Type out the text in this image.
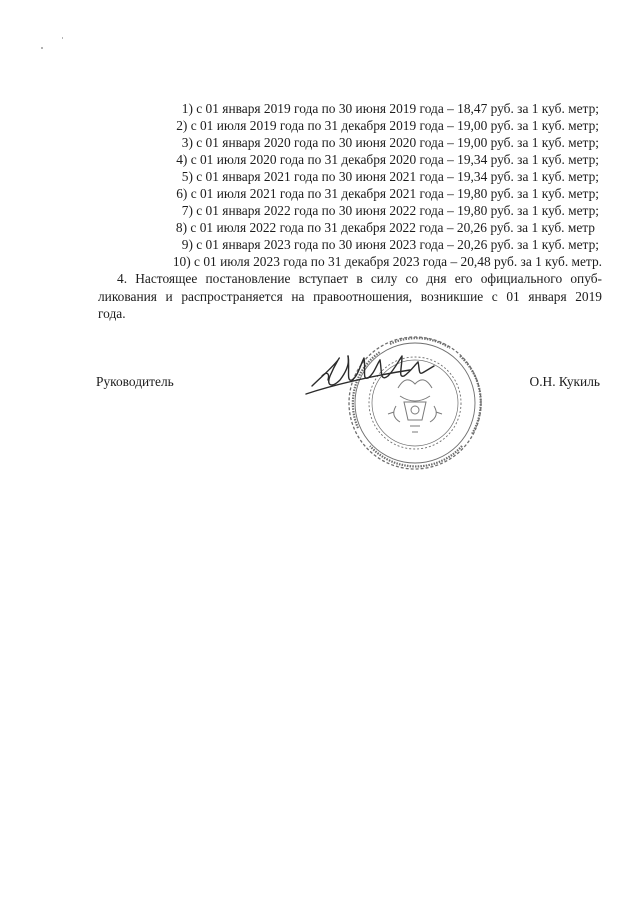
1) с 01 января 2019 года по 30 июня 2019 года – 18,47 руб. за 1 куб. метр;
2) с 01 июля 2019 года по 31 декабря 2019 года – 19,00 руб. за 1 куб. метр;
3) с 01 января 2020 года по 30 июня 2020 года – 19,00 руб. за 1 куб. метр;
4) с 01 июля 2020 года по 31 декабря 2020 года – 19,34 руб. за 1 куб. метр;
5) с 01 января 2021 года по 30 июня 2021 года – 19,34 руб. за 1 куб. метр;
6) с 01 июля 2021 года по 31 декабря 2021 года – 19,80 руб. за 1 куб. метр;
7) с 01 января 2022 года по 30 июня 2022 года – 19,80 руб. за 1 куб. метр;
8) с 01 июля 2022 года по 31 декабря 2022 года – 20,26 руб. за 1 куб. метр
9) с 01 января 2023 года по 30 июня 2023 года – 20,26 руб. за 1 куб. метр;
10) с 01 июля 2023 года по 31 декабря 2023 года – 20,48 руб. за 1 куб. метр.
4. Настоящее постановление вступает в силу со дня его официального опуб-
ликования и распространяется на правоотношения, возникшие с 01 января 2019
года.
Руководитель	О.Н. Кукиль
